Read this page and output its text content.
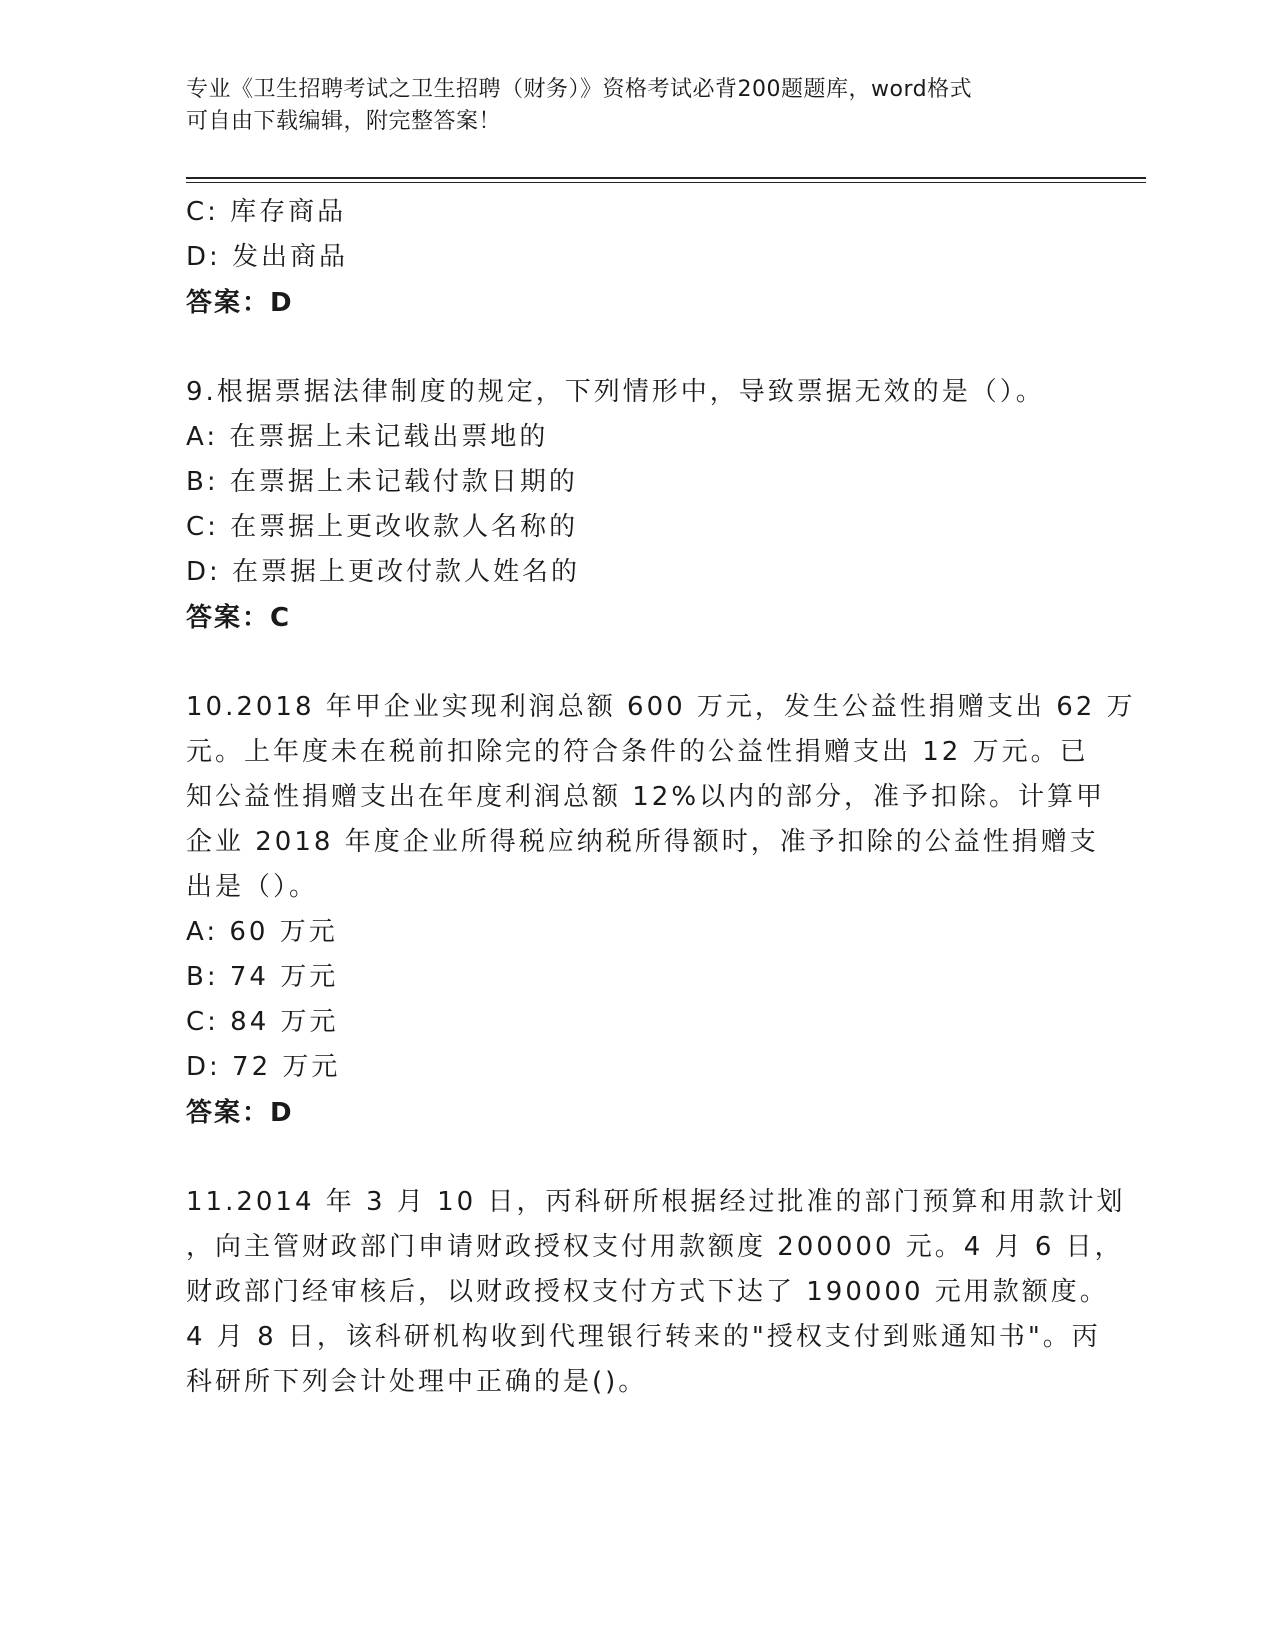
专业《卫生招聘考试之卫生招聘（财务）》资格考试必背200题题库，word格式
可自由下载编辑，附完整答案！
C: 库存商品
D: 发出商品
答案：D
9.根据票据法律制度的规定，下列情形中，导致票据无效的是（）。
A: 在票据上未记载出票地的
B: 在票据上未记载付款日期的
C: 在票据上更改收款人名称的
D: 在票据上更改付款人姓名的
答案：C
10.2018 年甲企业实现利润总额 600 万元，发生公益性捐赠支出 62 万
元。上年度未在税前扣除完的符合条件的公益性捐赠支出 12 万元。已
知公益性捐赠支出在年度利润总额 12%以内的部分，准予扣除。计算甲
企业 2018 年度企业所得税应纳税所得额时，准予扣除的公益性捐赠支
出是（）。
A: 60 万元
B: 74 万元
C: 84 万元
D: 72 万元
答案：D
11.2014 年 3 月 10 日，丙科研所根据经过批准的部门预算和用款计划
，向主管财政部门申请财政授权支付用款额度 200000 元。4 月 6 日，
财政部门经审核后，以财政授权支付方式下达了 190000 元用款额度。
4 月 8 日，该科研机构收到代理银行转来的"授权支付到账通知书"。丙
科研所下列会计处理中正确的是()。
